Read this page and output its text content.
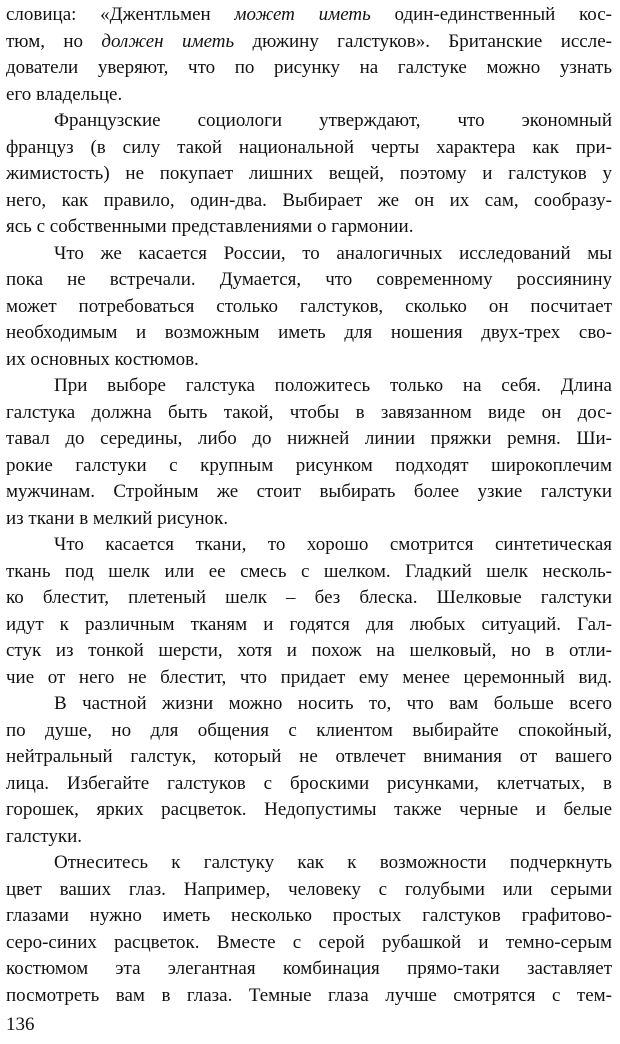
словица: «Джентльмен может иметь один-единственный кос-
тюм, но должен иметь дюжину галстуков». Британские иссле-
дователи уверяют, что по рисунку на галстуке можно узнать
его владельце.
Французские социологи утверждают, что экономный
француз (в силу такой национальной черты характера как при-
жимистость) не покупает лишних вещей, поэтому и галстуков у
него, как правило, один-два. Выбирает же он их сам, сообразу-
ясь с собственными представлениями о гармонии.
Что же касается России, то аналогичных исследований мы
пока не встречали. Думается, что современному россиянину
может потребоваться столько галстуков, сколько он посчитает
необходимым и возможным иметь для ношения двух-трех сво-
их основных костюмов.
При выборе галстука положитесь только на себя. Длина
галстука должна быть такой, чтобы в завязанном виде он дос-
тавал до середины, либо до нижней линии пряжки ремня. Ши-
рокие галстуки с крупным рисунком подходят широкоплечим
мужчинам. Стройным же стоит выбирать более узкие галстуки
из ткани в мелкий рисунок.
Что касается ткани, то хорошо смотрится синтетическая
ткань под шелк или ее смесь с шелком. Гладкий шелк несколь-
ко блестит, плетеный шелк – без блеска. Шелковые галстуки
идут к различным тканям и годятся для любых ситуаций. Гал-
стук из тонкой шерсти, хотя и похож на шелковый, но в отли-
чие от него не блестит, что придает ему менее церемонный вид.
В частной жизни можно носить то, что вам больше всего
по душе, но для общения с клиентом выбирайте спокойный,
нейтральный галстук, который не отвлечет внимания от вашего
лица. Избегайте галстуков с броскими рисунками, клетчатых, в
горошек, ярких расцветок. Недопустимы также черные и белые
галстуки.
Отнеситесь к галстуку как к возможности подчеркнуть
цвет ваших глаз. Например, человеку с голубыми или серыми
глазами нужно иметь несколько простых галстуков графитово-
серо-синих расцветок. Вместе с серой рубашкой и темно-серым
костюмом эта элегантная комбинация прямо-таки заставляет
посмотреть вам в глаза. Темные глаза лучше смотрятся с тем-
136
